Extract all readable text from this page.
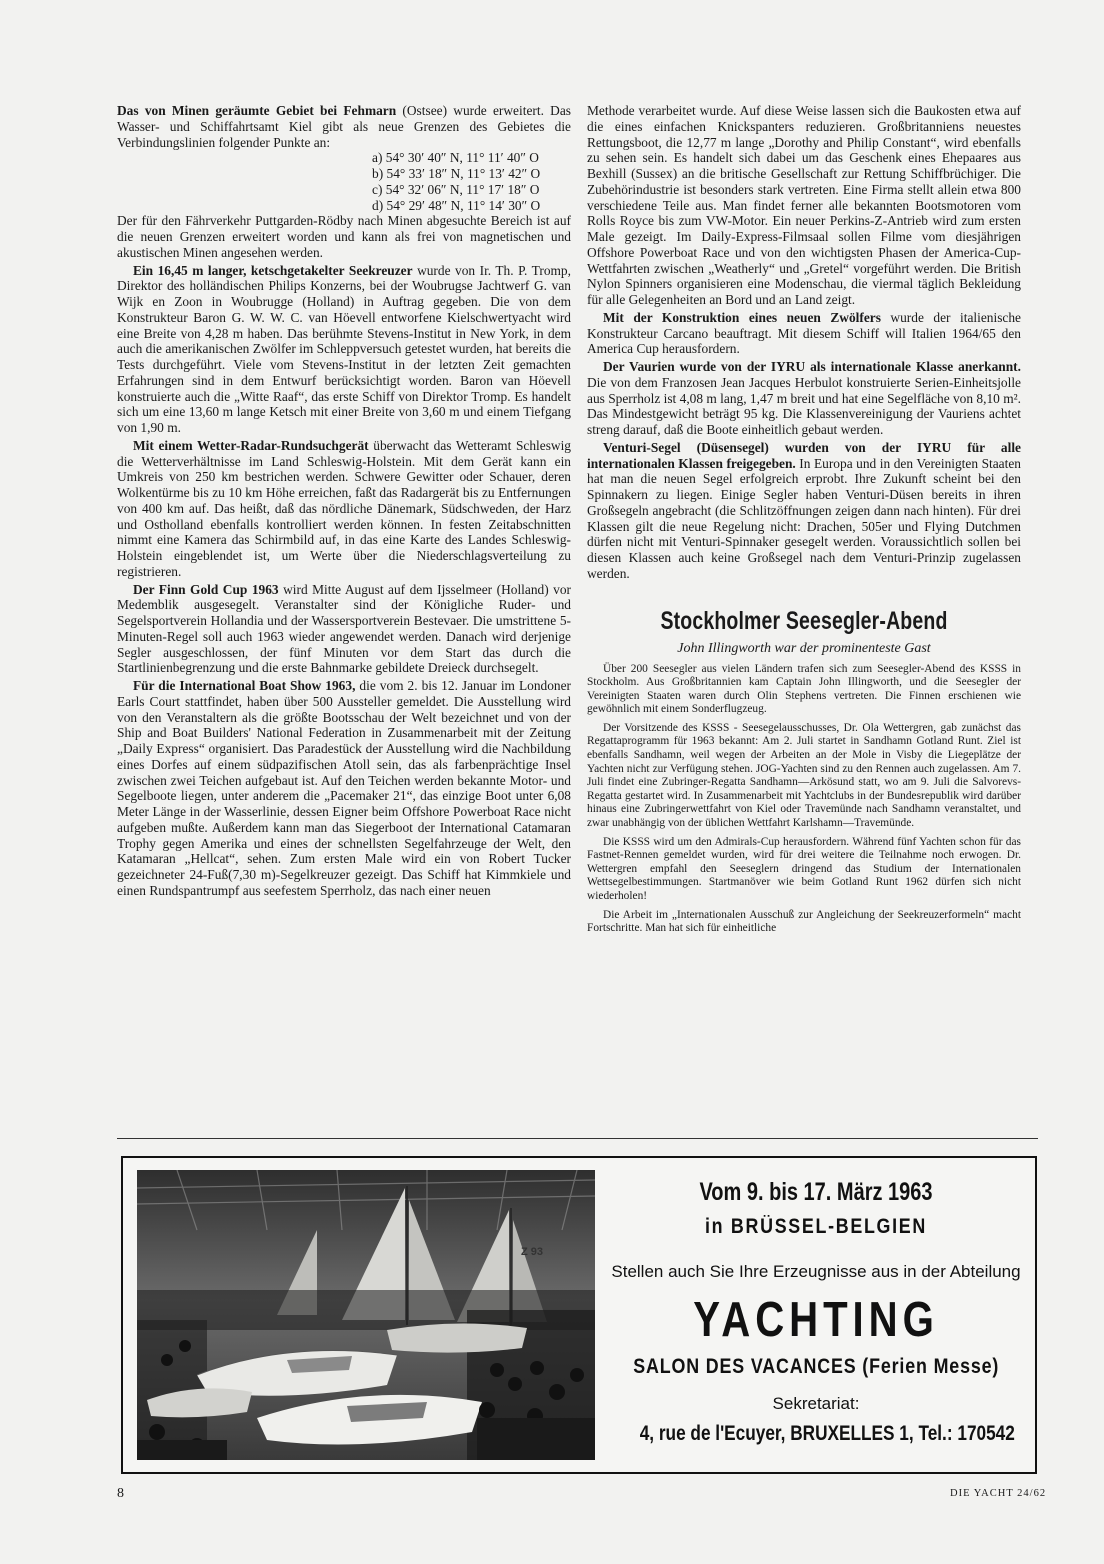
Das von Minen geräumte Gebiet bei Fehmarn (Ostsee) wurde erweitert. Das Wasser- und Schiffahrtsamt Kiel gibt als neue Grenzen des Gebietes die Verbindungslinien folgender Punkte an:

a) 54° 30′ 40″ N, 11° 11′ 40″ O
b) 54° 33′ 18″ N, 11° 13′ 42″ O
c) 54° 32′ 06″ N, 11° 17′ 18″ O
d) 54° 29′ 48″ N, 11° 14′ 30″ O

Der für den Fährverkehr Puttgarden-Rödby nach Minen abgesuchte Bereich ist auf die neuen Grenzen erweitert worden und kann als frei von magnetischen und akustischen Minen angesehen werden.

Ein 16,45 m langer, ketschgetakelter Seekreuzer wurde von Ir. Th. P. Tromp, Direktor des holländischen Philips Konzerns, bei der Woubrugse Jachtwerf G. van Wijk en Zoon in Woubrugge (Holland) in Auftrag gegeben. Die von dem Konstrukteur Baron G. W. W. C. van Höevell entworfene Kielschwertyacht wird eine Breite von 4,28 m haben. Das berühmte Stevens-Institut in New York, in dem auch die amerikanischen Zwölfer im Schleppversuch getestet wurden, hat bereits die Tests durchgeführt. Viele vom Stevens-Institut in der letzten Zeit gemachten Erfahrungen sind in dem Entwurf berücksichtigt worden. Baron van Höevell konstruierte auch die „Witte Raaf“, das erste Schiff von Direktor Tromp. Es handelt sich um eine 13,60 m lange Ketsch mit einer Breite von 3,60 m und einem Tiefgang von 1,90 m.

Mit einem Wetter-Radar-Rundsuchgerät überwacht das Wetteramt Schleswig die Wetterverhältnisse im Land Schleswig-Holstein. Mit dem Gerät kann ein Umkreis von 250 km bestrichen werden. Schwere Gewitter oder Schauer, deren Wolkentürme bis zu 10 km Höhe erreichen, faßt das Radargerät bis zu Entfernungen von 400 km auf. Das heißt, daß das nördliche Dänemark, Südschweden, der Harz und Ostholland ebenfalls kontrolliert werden können. In festen Zeitabschnitten nimmt eine Kamera das Schirmbild auf, in das eine Karte des Landes Schleswig-Holstein eingeblendet ist, um Werte über die Niederschlagsverteilung zu registrieren.

Der Finn Gold Cup 1963 wird Mitte August auf dem Ijsselmeer (Holland) vor Medemblik ausgesegelt. Veranstalter sind der Königliche Ruder- und Segelsportverein Hollandia und der Wassersportverein Bestevaer. Die umstrittene 5-Minuten-Regel soll auch 1963 wieder angewendet werden. Danach wird derjenige Segler ausgeschlossen, der fünf Minuten vor dem Start das durch die Startlinienbegrenzung und die erste Bahnmarke gebildete Dreieck durchsegelt.

Für die International Boat Show 1963, die vom 2. bis 12. Januar im Londoner Earls Court stattfindet, haben über 500 Aussteller gemeldet. Die Ausstellung wird von den Veranstaltern als die größte Bootsschau der Welt bezeichnet und von der Ship and Boat Builders' National Federation in Zusammenarbeit mit der Zeitung „Daily Express“ organisiert. Das Paradestück der Ausstellung wird die Nachbildung eines Dorfes auf einem südpazifischen Atoll sein, das als farbenprächtige Insel zwischen zwei Teichen aufgebaut ist. Auf den Teichen werden bekannte Motor- und Segelboote liegen, unter anderem die „Pacemaker 21“, das einzige Boot unter 6,08 Meter Länge in der Wasserlinie, dessen Eigner beim Offshore Powerboat Race nicht aufgeben mußte. Außerdem kann man das Siegerboot der International Catamaran Trophy gegen Amerika und eines der schnellsten Segelfahrzeuge der Welt, den Katamaran „Hellcat“, sehen. Zum ersten Male wird ein von Robert Tucker gezeichneter 24-Fuß(7,30 m)-Segelkreuzer gezeigt. Das Schiff hat Kimmkiele und einen Rundspantrumpf aus seefestem Sperrholz, das nach einer neuen

Methode verarbeitet wurde. Auf diese Weise lassen sich die Baukosten etwa auf die eines einfachen Knickspanters reduzieren. Großbritanniens neuestes Rettungsboot, die 12,77 m lange „Dorothy and Philip Constant“, wird ebenfalls zu sehen sein. Es handelt sich dabei um das Geschenk eines Ehepaares aus Bexhill (Sussex) an die britische Gesellschaft zur Rettung Schiffbrüchiger. Die Zubehörindustrie ist besonders stark vertreten. Eine Firma stellt allein etwa 800 verschiedene Teile aus. Man findet ferner alle bekannten Bootsmotoren vom Rolls Royce bis zum VW-Motor. Ein neuer Perkins-Z-Antrieb wird zum ersten Male gezeigt. Im Daily-Express-Filmsaal sollen Filme vom diesjährigen Offshore Powerboat Race und von den wichtigsten Phasen der America-Cup-Wettfahrten zwischen „Weatherly“ und „Gretel“ vorgeführt werden. Die British Nylon Spinners organisieren eine Modenschau, die viermal täglich Bekleidung für alle Gelegenheiten an Bord und an Land zeigt.

Mit der Konstruktion eines neuen Zwölfers wurde der italienische Konstrukteur Carcano beauftragt. Mit diesem Schiff will Italien 1964/65 den America Cup herausfordern.

Der Vaurien wurde von der IYRU als internationale Klasse anerkannt. Die von dem Franzosen Jean Jacques Herbulot konstruierte Serien-Einheitsjolle aus Sperrholz ist 4,08 m lang, 1,47 m breit und hat eine Segelfläche von 8,10 m². Das Mindestgewicht beträgt 95 kg. Die Klassenvereinigung der Vauriens achtet streng darauf, daß die Boote einheitlich gebaut werden.

Venturi-Segel (Düsensegel) wurden von der IYRU für alle internationalen Klassen freigegeben. In Europa und in den Vereinigten Staaten hat man die neuen Segel erfolgreich erprobt. Ihre Zukunft scheint bei den Spinnakern zu liegen. Einige Segler haben Venturi-Düsen bereits in ihren Großsegeln angebracht (die Schlitzöffnungen zeigen dann nach hinten). Für drei Klassen gilt die neue Regelung nicht: Drachen, 505er und Flying Dutchmen dürfen nicht mit Venturi-Spinnaker gesegelt werden. Voraussichtlich sollen bei diesen Klassen auch keine Großsegel nach dem Venturi-Prinzip zugelassen werden.

Stockholmer Seesegler-Abend
John Illingworth war der prominenteste Gast

Über 200 Seesegler aus vielen Ländern trafen sich zum Seesegler-Abend des KSSS in Stockholm. Aus Großbritannien kam Captain John Illingworth, und die Seesegler der Vereinigten Staaten waren durch Olin Stephens vertreten. Die Finnen erschienen wie gewöhnlich mit einem Sonderflugzeug.

Der Vorsitzende des KSSS - Seesegelausschusses, Dr. Ola Wettergren, gab zunächst das Regattaprogramm für 1963 bekannt: Am 2. Juli startet in Sandhamn Gotland Runt. Ziel ist ebenfalls Sandhamn, weil wegen der Arbeiten an der Mole in Visby die Liegeplätze der Yachten nicht zur Verfügung stehen. JOG-Yachten sind zu den Rennen auch zugelassen. Am 7. Juli findet eine Zubringer-Regatta Sandhamn—Arkösund statt, wo am 9. Juli die Salvorevs-Regatta gestartet wird. In Zusammenarbeit mit Yachtclubs in der Bundesrepublik wird darüber hinaus eine Zubringerwettfahrt von Kiel oder Travemünde nach Sandhamn veranstaltet, und zwar unabhängig von der üblichen Wettfahrt Karlshamn—Travemünde.

Die KSSS wird um den Admirals-Cup herausfordern. Während fünf Yachten schon für das Fastnet-Rennen gemeldet wurden, wird für drei weitere die Teilnahme noch erwogen. Dr. Wettergren empfahl den Seeseglern dringend das Studium der Internationalen Wettsegelbestimmungen. Startmanöver wie beim Gotland Runt 1962 dürfen sich nicht wiederholen!

Die Arbeit im „Internationalen Ausschuß zur Angleichung der Seekreuzerformeln“ macht Fortschritte. Man hat sich für einheitliche

Z 93
Vom 9. bis 17. März 1963
in BRÜSSEL-BELGIEN
Stellen auch Sie Ihre Erzeugnisse aus in der Abteilung
YACHTING
SALON DES VACANCES (Ferien Messe)
Sekretariat:
4, rue de l'Ecuyer, BRUXELLES 1, Tel.: 170542
8	DIE YACHT 24/62
